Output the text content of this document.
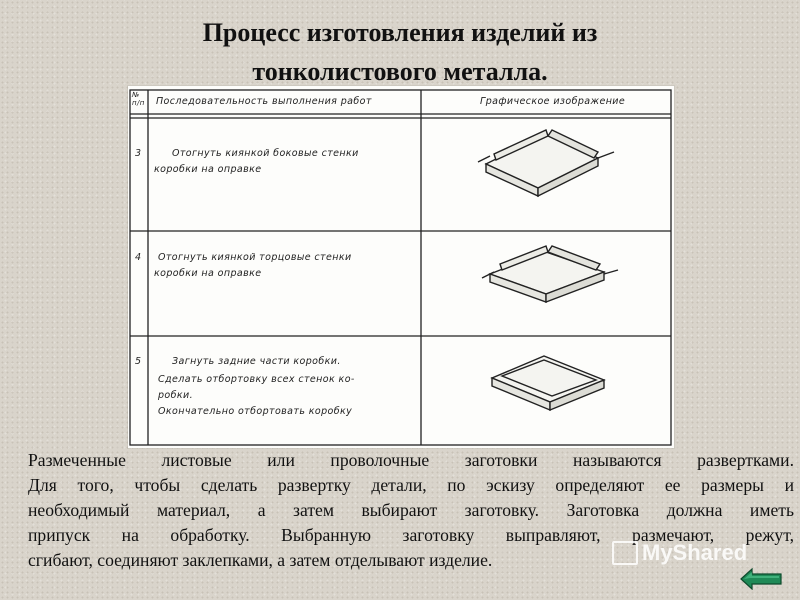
Процесс изготовления изделий из
тонколистового металла.
№ п/п Последовательность выполнения работ	Графическое изображение
3	Отогнуть киянкой боковые стенки
коробки на оправке
4 Отогнуть киянкой торцовые стенки
коробки на оправке
5	Загнуть задние части коробки.
Сделать отбортовку всех стенок ко-
робки.
Окончательно отбортовать коробку
Размеченные листовые или проволочные заготовки называются развертками.
Для того, чтобы сделать развертку детали, по эскизу определяют ее размеры и
необходимый материал, а затем выбирают заготовку. Заготовка должна иметь
припуск на обработку. Выбранную заготовку выправляют, размечают, режут,
сгибают, соединяют заклепками, а затем отделывают изделие.	MyShared
